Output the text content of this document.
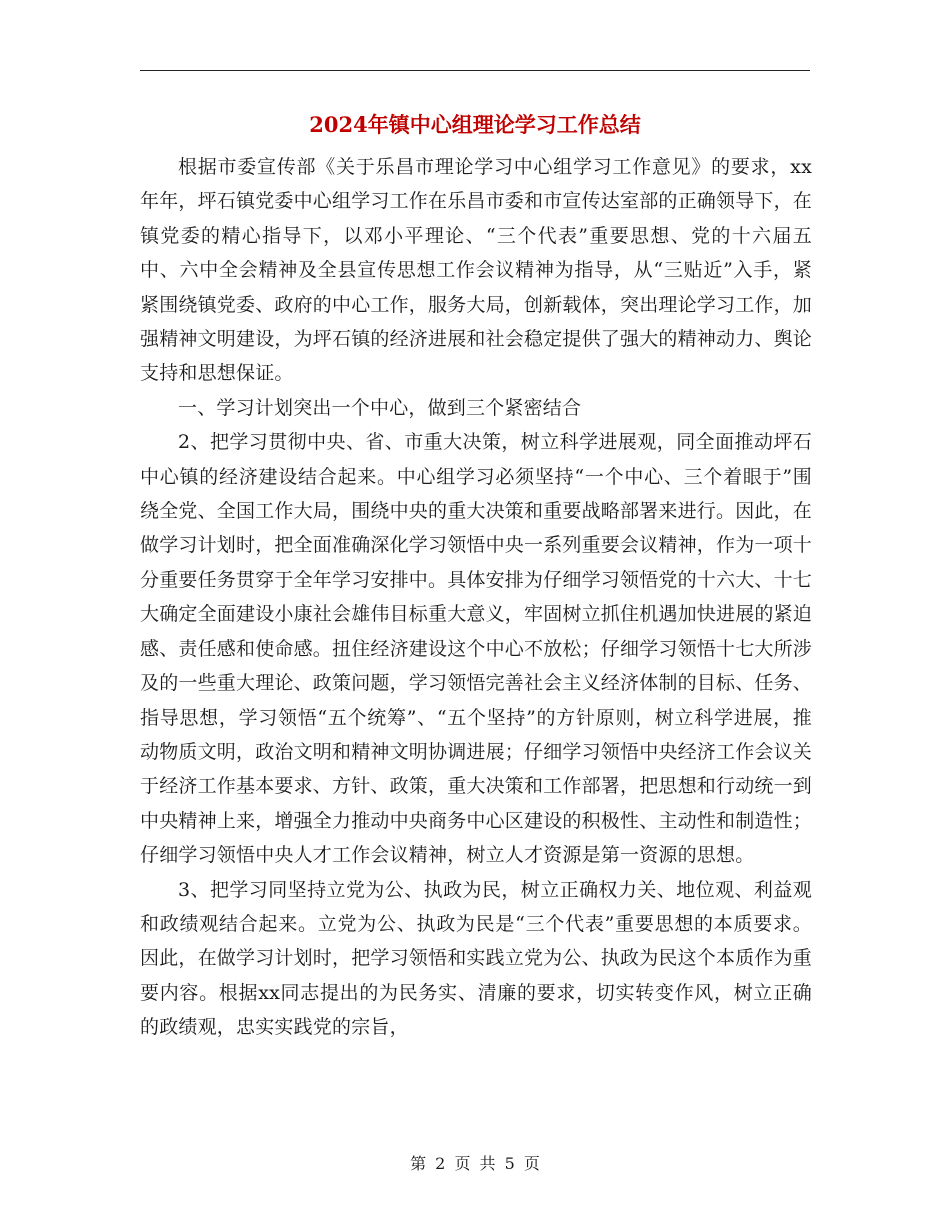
2024年镇中心组理论学习工作总结

根据市委宣传部《关于乐昌市理论学习中心组学习工作意见》的要求，xx年年，坪石镇党委中心组学习工作在乐昌市委和市宣传达室部的正确领导下，在镇党委的精心指导下，以邓小平理论、“三个代表”重要思想、党的十六届五中、六中全会精神及全县宣传思想工作会议精神为指导，从“三贴近”入手，紧紧围绕镇党委、政府的中心工作，服务大局，创新载体，突出理论学习工作，加强精神文明建设，为坪石镇的经济进展和社会稳定提供了强大的精神动力、舆论支持和思想保证。

一、学习计划突出一个中心，做到三个紧密结合

2、把学习贯彻中央、省、市重大决策，树立科学进展观，同全面推动坪石中心镇的经济建设结合起来。中心组学习必须坚持“一个中心、三个着眼于”围绕全党、全国工作大局，围绕中央的重大决策和重要战略部署来进行。因此，在做学习计划时，把全面准确深化学习领悟中央一系列重要会议精神，作为一项十分重要任务贯穿于全年学习安排中。具体安排为仔细学习领悟党的十六大、十七大确定全面建设小康社会雄伟目标重大意义，牢固树立抓住机遇加快进展的紧迫感、责任感和使命感。扭住经济建设这个中心不放松；仔细学习领悟十七大所涉及的一些重大理论、政策问题，学习领悟完善社会主义经济体制的目标、任务、指导思想，学习领悟“五个统筹”、“五个坚持”的方针原则，树立科学进展，推动物质文明，政治文明和精神文明协调进展；仔细学习领悟中央经济工作会议关于经济工作基本要求、方针、政策，重大决策和工作部署，把思想和行动统一到中央精神上来，增强全力推动中央商务中心区建设的积极性、主动性和制造性；仔细学习领悟中央人才工作会议精神，树立人才资源是第一资源的思想。

3、把学习同坚持立党为公、执政为民，树立正确权力关、地位观、利益观和政绩观结合起来。立党为公、执政为民是“三个代表”重要思想的本质要求。因此，在做学习计划时，把学习领悟和实践立党为公、执政为民这个本质作为重要内容。根据xx同志提出的为民务实、清廉的要求，切实转变作风，树立正确的政绩观，忠实实践党的宗旨，

第 2 页 共 5 页
